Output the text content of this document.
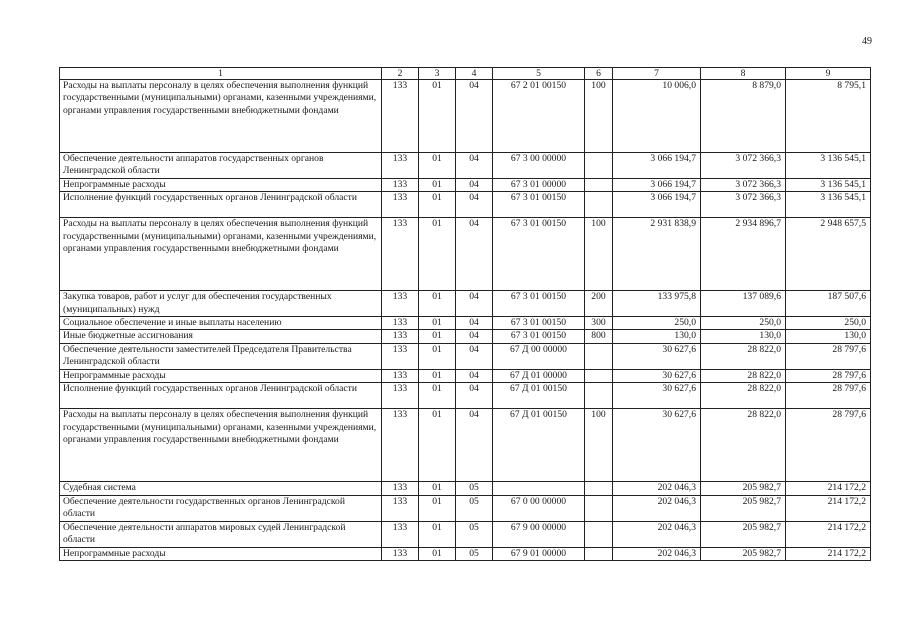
49
1	2	3	4	5	6	7	8	9
Расходы на выплаты персоналу в целях обеспечения выполнения функций государственными (муниципальными) органами, казенными учреждениями, органами управления государственными внебюджетными фондами	133	01	04	67 2 01 00150	100	10 006,0	8 879,0	8 795,1
Обеспечение деятельности аппаратов государственных органов Ленинградской области	133	01	04	67 3 00 00000		3 066 194,7	3 072 366,3	3 136 545,1
Непрограммные расходы	133	01	04	67 3 01 00000		3 066 194,7	3 072 366,3	3 136 545,1
Исполнение функций государственных органов Ленинградской области	133	01	04	67 3 01 00150		3 066 194,7	3 072 366,3	3 136 545,1
Расходы на выплаты персоналу в целях обеспечения выполнения функций государственными (муниципальными) органами, казенными учреждениями, органами управления государственными внебюджетными фондами	133	01	04	67 3 01 00150	100	2 931 838,9	2 934 896,7	2 948 657,5
Закупка товаров, работ и услуг для обеспечения государственных (муниципальных) нужд	133	01	04	67 3 01 00150	200	133 975,8	137 089,6	187 507,6
Социальное обеспечение и иные выплаты населению	133	01	04	67 3 01 00150	300	250,0	250,0	250,0
Иные бюджетные ассигнования	133	01	04	67 3 01 00150	800	130,0	130,0	130,0
Обеспечение деятельности заместителей Председателя Правительства Ленинградской области	133	01	04	67 Д 00 00000		30 627,6	28 822,0	28 797,6
Непрограммные расходы	133	01	04	67 Д 01 00000		30 627,6	28 822,0	28 797,6
Исполнение функций государственных органов Ленинградской области	133	01	04	67 Д 01 00150		30 627,6	28 822,0	28 797,6
Расходы на выплаты персоналу в целях обеспечения выполнения функций государственными (муниципальными) органами, казенными учреждениями, органами управления государственными внебюджетными фондами	133	01	04	67 Д 01 00150	100	30 627,6	28 822,0	28 797,6
Судебная система	133	01	05			202 046,3	205 982,7	214 172,2
Обеспечение деятельности государственных органов Ленинградской области	133	01	05	67 0 00 00000		202 046,3	205 982,7	214 172,2
Обеспечение деятельности аппаратов мировых судей Ленинградской области	133	01	05	67 9 00 00000		202 046,3	205 982,7	214 172,2
Непрограммные расходы	133	01	05	67 9 01 00000		202 046,3	205 982,7	214 172,2
